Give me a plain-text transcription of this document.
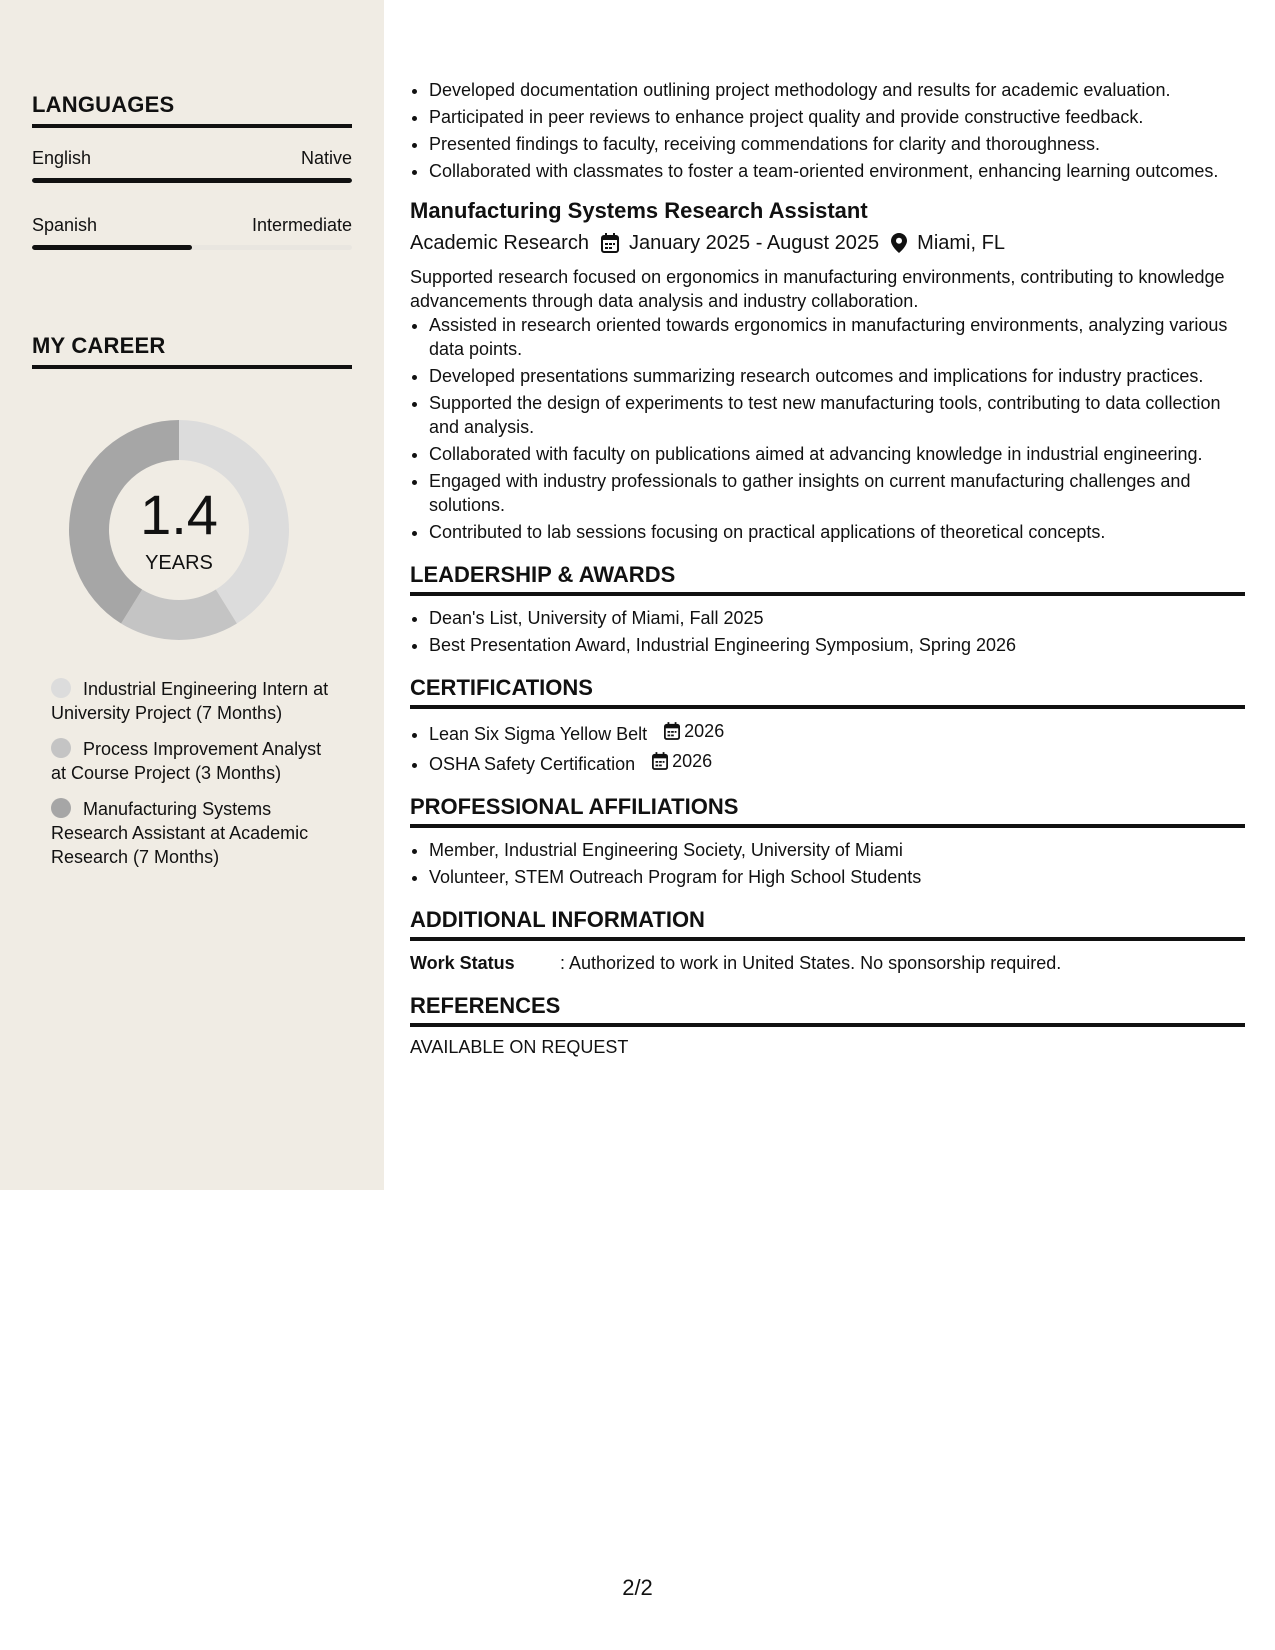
LANGUAGES
English	Native
Spanish	Intermediate
MY CAREER
1.4
YEARS
Industrial Engineering Intern at University Project (7 Months)
Process Improvement Analyst at Course Project (3 Months)
Manufacturing Systems Research Assistant at Academic Research (7 Months)
• Developed documentation outlining project methodology and results for academic evaluation.
• Participated in peer reviews to enhance project quality and provide constructive feedback.
• Presented findings to faculty, receiving commendations for clarity and thoroughness.
• Collaborated with classmates to foster a team-oriented environment, enhancing learning outcomes.
Manufacturing Systems Research Assistant
Academic Research January 2025 - August 2025 Miami, FL
Supported research focused on ergonomics in manufacturing environments, contributing to knowledge advancements through data analysis and industry collaboration.
• Assisted in research oriented towards ergonomics in manufacturing environments, analyzing various data points.
• Developed presentations summarizing research outcomes and implications for industry practices.
• Supported the design of experiments to test new manufacturing tools, contributing to data collection and analysis.
• Collaborated with faculty on publications aimed at advancing knowledge in industrial engineering.
• Engaged with industry professionals to gather insights on current manufacturing challenges and solutions.
• Contributed to lab sessions focusing on practical applications of theoretical concepts.
LEADERSHIP & AWARDS
• Dean's List, University of Miami, Fall 2025
• Best Presentation Award, Industrial Engineering Symposium, Spring 2026
CERTIFICATIONS
• Lean Six Sigma Yellow Belt 2026
• OSHA Safety Certification 2026
PROFESSIONAL AFFILIATIONS
• Member, Industrial Engineering Society, University of Miami
• Volunteer, STEM Outreach Program for High School Students
ADDITIONAL INFORMATION
Work Status	: Authorized to work in United States. No sponsorship required.
REFERENCES
AVAILABLE ON REQUEST
2/2
